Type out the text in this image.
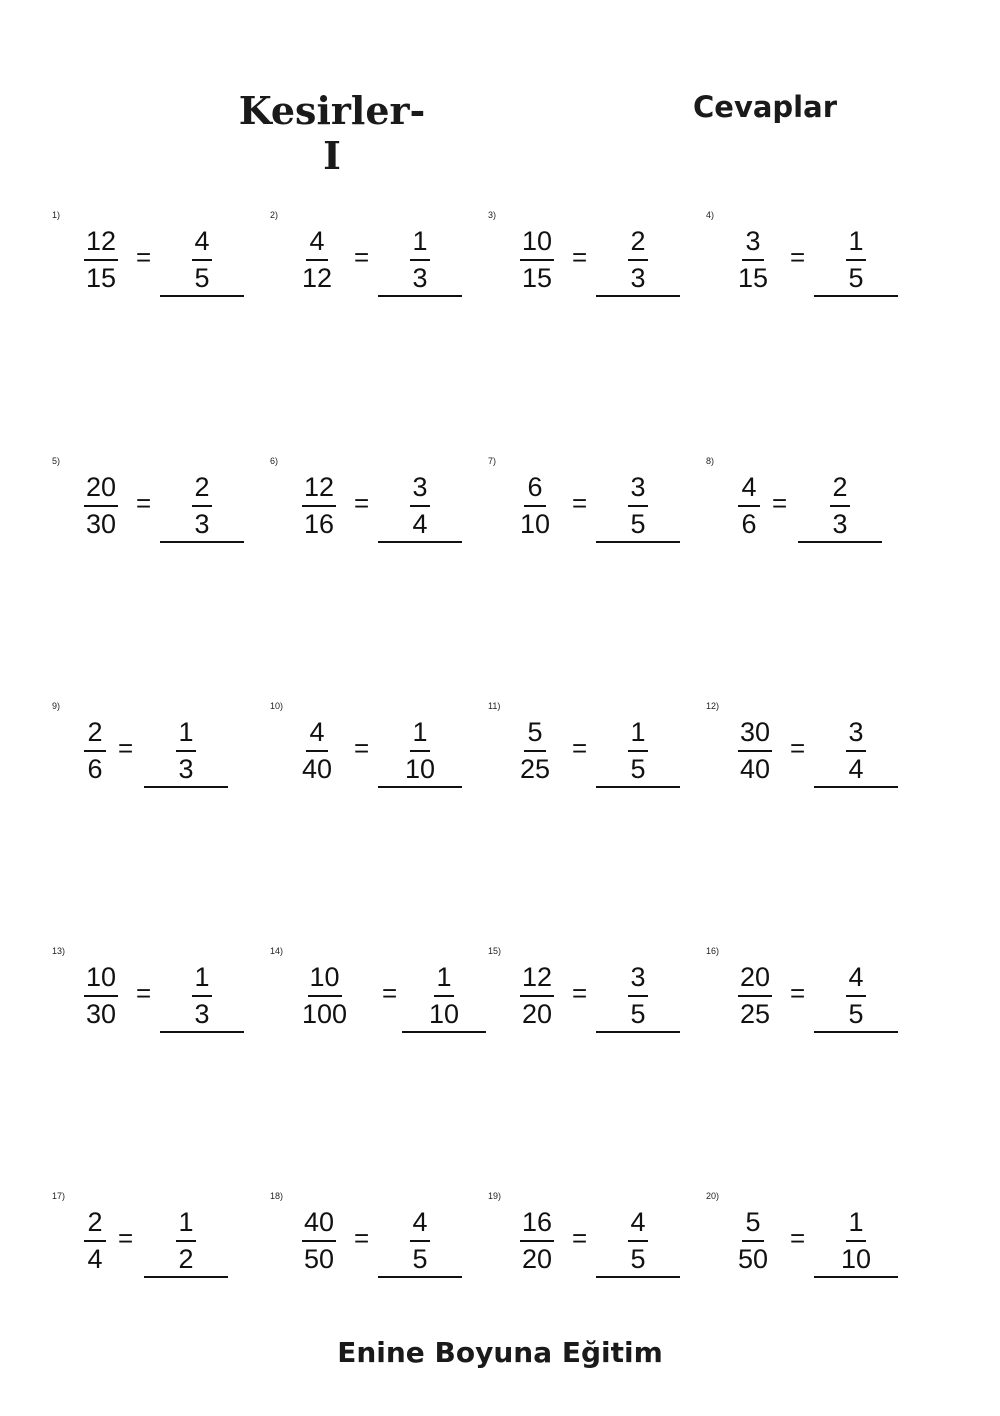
Kesirler-I
Cevaplar
1)
$\frac{12}{15} = \frac{4}{5}$
2)
$\frac{4}{12} = \frac{1}{3}$
3)
$\frac{10}{15} = \frac{2}{3}$
4)
$\frac{3}{15} = \frac{1}{5}$
5)
$\frac{20}{30} = \frac{2}{3}$
6)
$\frac{12}{16} = \frac{3}{4}$
7)
$\frac{6}{10} = \frac{3}{5}$
8)
$\frac{4}{6} = \frac{2}{3}$
9)
$\frac{2}{6} = \frac{1}{3}$
10)
$\frac{4}{40} = \frac{1}{10}$
11)
$\frac{5}{25} = \frac{1}{5}$
12)
$\frac{30}{40} = \frac{3}{4}$
13)
$\frac{10}{30} = \frac{1}{3}$
14)
$\frac{10}{100} = \frac{1}{10}$
15)
$\frac{12}{20} = \frac{3}{5}$
16)
$\frac{20}{25} = \frac{4}{5}$
17)
$\frac{2}{4} = \frac{1}{2}$
18)
$\frac{40}{50} = \frac{4}{5}$
19)
$\frac{16}{20} = \frac{4}{5}$
20)
$\frac{5}{50} = \frac{1}{10}$
Enine Boyuna Eğitim
